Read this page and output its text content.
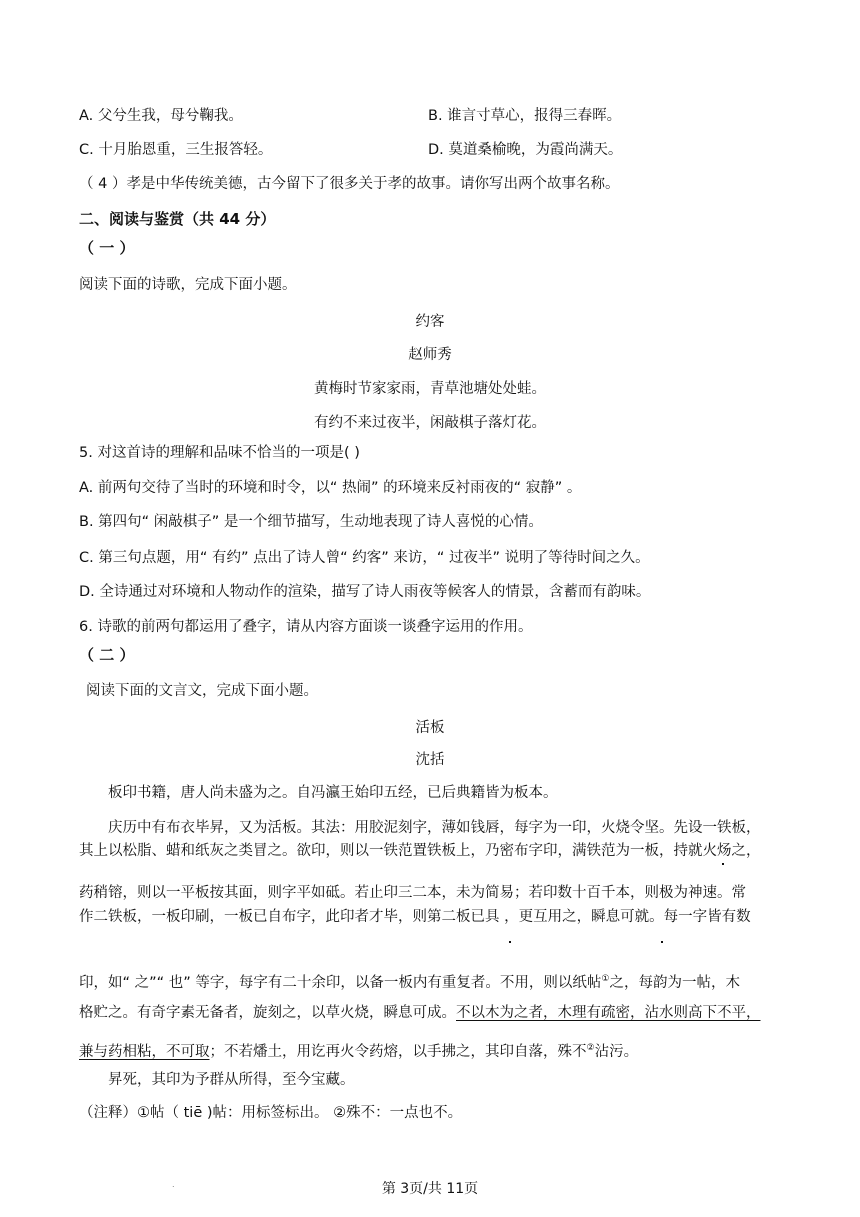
A. 父兮生我，母兮鞠我。	B. 谁言寸草心，报得三春晖。
C. 十月胎恩重，三生报答轻。	D. 莫道桑榆晚，为霞尚满天。
（ 4 ）孝是中华传统美德，古今留下了很多关于孝的故事。请你写出两个故事名称。
二、阅读与鉴赏（共 44 分）
（ 一 ）
阅读下面的诗歌，完成下面小题。
约客
赵师秀
黄梅时节家家雨，青草池塘处处蛙。
有约不来过夜半，闲敲棋子落灯花。
5. 对这首诗的理解和品味不恰当的一项是( )
A. 前两句交待了当时的环境和时令，以“ 热闹” 的环境来反衬雨夜的“ 寂静” 。
B. 第四句“ 闲敲棋子” 是一个细节描写，生动地表现了诗人喜悦的心情。
C. 第三句点题，用“ 有约” 点出了诗人曾“ 约客” 来访，“ 过夜半” 说明了等待时间之久。
D. 全诗通过对环境和人物动作的渲染，描写了诗人雨夜等候客人的情景，含蓄而有韵味。
6. 诗歌的前两句都运用了叠字，请从内容方面谈一谈叠字运用的作用。
（ 二 ）
阅读下面的文言文，完成下面小题。
活板
沈括
板印书籍，唐人尚未盛为之。自冯瀛王始印五经，已后典籍皆为板本。
庆历中有布衣毕昇，又为活板。其法：用胶泥刻字，薄如钱唇，每字为一印，火烧令坚。先设一铁板，
其上以松脂、蜡和纸灰之类冒之。欲印，则以一铁范置铁板上，乃密布字印，满铁范为一板，持就火炀之，
药稍镕，则以一平板按其面，则字平如砥。若止印三二本，未为简易；若印数十百千本，则极为神速。常
作二铁板，一板印刷，一板已自布字，此印者才毕，则第二板已具 ，更互用之，瞬息可就。每一字皆有数
印，如“ 之”“ 也” 等字，每字有二十余印，以备一板内有重复者。不用，则以纸帖①之，每韵为一帖，木
格贮之。有奇字素无备者，旋刻之，以草火烧，瞬息可成。不以木为之者，木理有疏密，沾水则高下不平，
兼与药相粘，不可取；不若燔土，用讫再火令药熔，以手拂之，其印自落，殊不②沾污。
昇死，其印为予群从所得，至今宝藏。
（注释）①帖（ tiē )帖：用标签标出。 ②殊不：一点也不。
.	第 3页/共 11页
